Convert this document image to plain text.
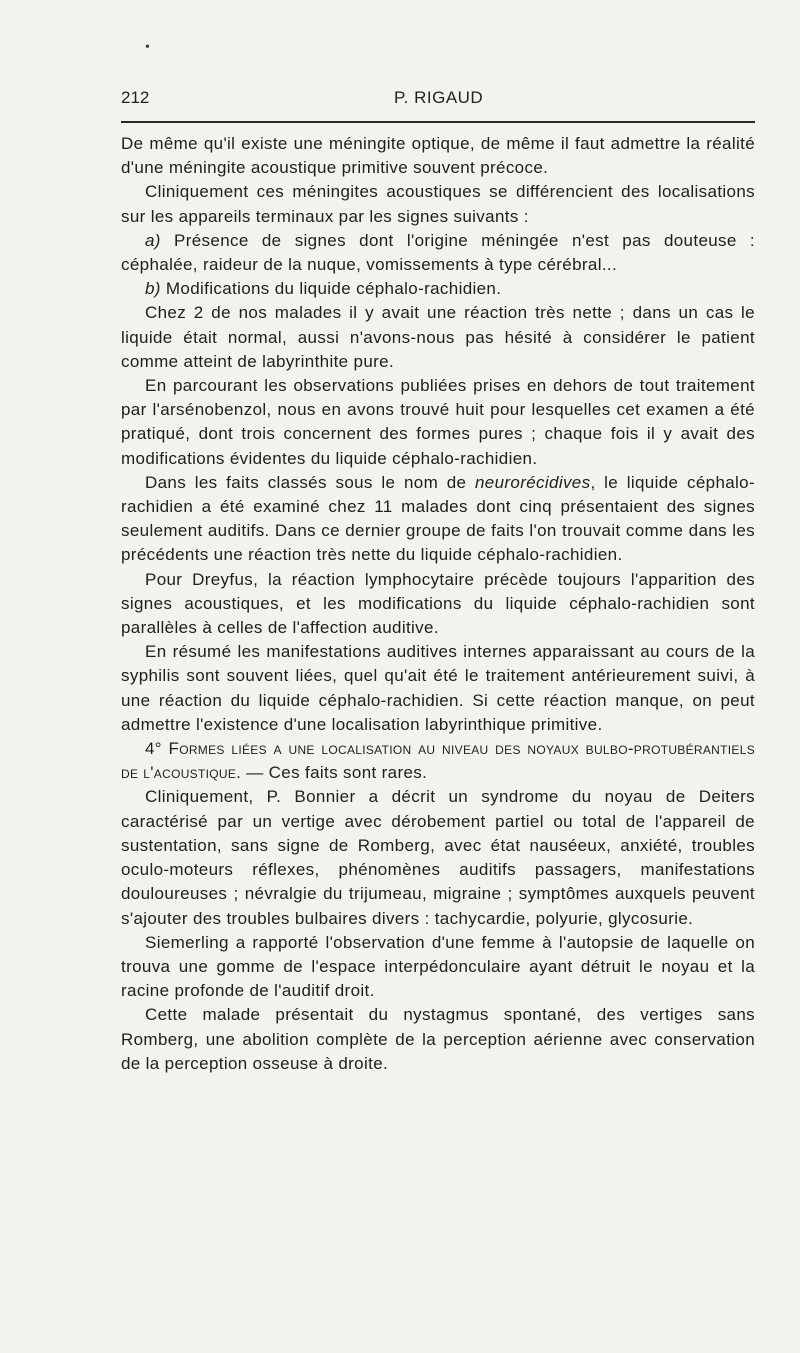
•
212	P. RIGAUD

De même qu'il existe une méningite optique, de même il faut admettre la réalité d'une méningite acoustique primitive souvent précoce.

Cliniquement ces méningites acoustiques se différencient des localisations sur les appareils terminaux par les signes suivants :

a) Présence de signes dont l'origine méningée n'est pas douteuse : céphalée, raideur de la nuque, vomissements à type cérébral...

b) Modifications du liquide céphalo-rachidien.

Chez 2 de nos malades il y avait une réaction très nette ; dans un cas le liquide était normal, aussi n'avons-nous pas hésité à considérer le patient comme atteint de labyrinthite pure.

En parcourant les observations publiées prises en dehors de tout traitement par l'arsénobenzol, nous en avons trouvé huit pour lesquelles cet examen a été pratiqué, dont trois concernent des formes pures ; chaque fois il y avait des modifications évidentes du liquide céphalo-rachidien.

Dans les faits classés sous le nom de neurorécidives, le liquide céphalo-rachidien a été examiné chez 11 malades dont cinq présentaient des signes seulement auditifs. Dans ce dernier groupe de faits l'on trouvait comme dans les précédents une réaction très nette du liquide céphalo-rachidien.

Pour Dreyfus, la réaction lymphocytaire précède toujours l'apparition des signes acoustiques, et les modifications du liquide céphalo-rachidien sont parallèles à celles de l'affection auditive.

En résumé les manifestations auditives internes apparaissant au cours de la syphilis sont souvent liées, quel qu'ait été le traitement antérieurement suivi, à une réaction du liquide céphalo-rachidien. Si cette réaction manque, on peut admettre l'existence d'une localisation labyrinthique primitive.

4° Formes liées a une localisation au niveau des noyaux bulbo-protubérantiels de l'acoustique. — Ces faits sont rares.

Cliniquement, P. Bonnier a décrit un syndrome du noyau de Deiters caractérisé par un vertige avec dérobement partiel ou total de l'appareil de sustentation, sans signe de Romberg, avec état nauséeux, anxiété, troubles oculo-moteurs réflexes, phénomènes auditifs passagers, manifestations douloureuses ; névralgie du trijumeau, migraine ; symptômes auxquels peuvent s'ajouter des troubles bulbaires divers : tachycardie, polyurie, glycosurie.

Siemerling a rapporté l'observation d'une femme à l'autopsie de laquelle on trouva une gomme de l'espace interpédonculaire ayant détruit le noyau et la racine profonde de l'auditif droit.

Cette malade présentait du nystagmus spontané, des vertiges sans Romberg, une abolition complète de la perception aérienne avec conservation de la perception osseuse à droite.
